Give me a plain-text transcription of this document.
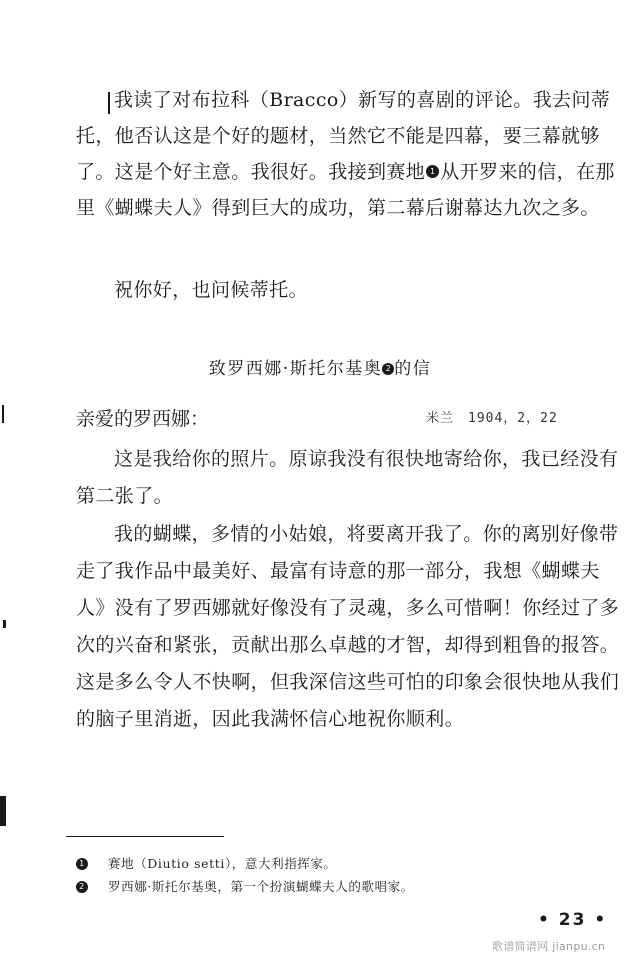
我读了对布拉科（Bracco）新写的喜剧的评论。我去问蒂托，他否认这是个好的题材，当然它不能是四幕，要三幕就够了。这是个好主意。我很好。我接到赛地 1 从开罗来的信，在那里《蝴蝶夫人》得到巨大的成功，第二幕后谢幕达九次之多。

祝你好，也问候蒂托。

致罗西娜·斯托尔基奥 2 的信
亲爱的罗西娜：	米兰　1904，2，22

这是我给你的照片。原谅我没有很快地寄给你，我已经没有第二张了。

我的蝴蝶，多情的小姑娘，将要离开我了。你的离别好像带走了我作品中最美好、最富有诗意的那一部分，我想《蝴蝶夫人》没有了罗西娜就好像没有了灵魂，多么可惜啊！你经过了多次的兴奋和紧张，贡献出那么卓越的才智，却得到粗鲁的报答。这是多么令人不快啊，但我深信这些可怕的印象会很快地从我们的脑子里消逝，因此我满怀信心地祝你顺利。

1 赛地（Diutio setti），意大利指挥家。
2 罗西娜·斯托尔基奥，第一个扮演蝴蝶夫人的歌唱家。
• 23 •
歌谱简谱网 jianpu.cn
